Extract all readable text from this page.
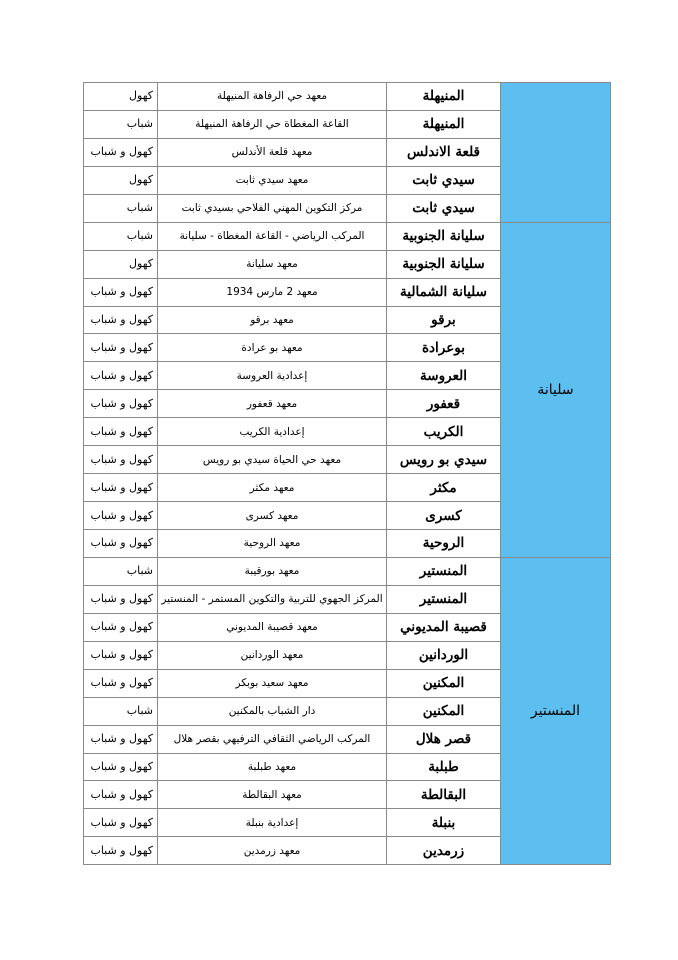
	المنيهلة	معهد حي الرفاهة المنيهلة	كهول
	المنيهلة	القاعة المغطاة حي الرفاهة المنيهلة	شباب
	قلعة الاندلس	معهد قلعة الأندلس	كهول و شباب
	سيدي ثابت	معهد سيدي ثابت	كهول
	سيدي ثابت	مركز التكوين المهني الفلاحي بسيدي ثابت	شباب
سليانة	سليانة الجنوبية	المركب الرياضي - القاعة المغطاة - سليانة	شباب
	سليانة الجنوبية	معهد سليانة	كهول
	سليانة الشمالية	معهد 2 مارس 1934	كهول و شباب
	برقو	معهد برقو	كهول و شباب
	بوعرادة	معهد بو عرادة	كهول و شباب
	العروسة	إعدادية العروسة	كهول و شباب
	قعفور	معهد قعفور	كهول و شباب
	الكريب	إعدادية الكريب	كهول و شباب
	سيدي بو رويس	معهد حي الحياة سيدي بو رويس	كهول و شباب
	مكثر	معهد مكثر	كهول و شباب
	كسرى	معهد كسرى	كهول و شباب
	الروحية	معهد الروحية	كهول و شباب
المنستير	المنستير	معهد بورقيبة	شباب
	المنستير	المركز الجهوي للتربية والتكوين المستمر - المنستير	كهول و شباب
	قصيبة المديوني	معهد قصيبة المديوني	كهول و شباب
	الوردانين	معهد الوردانين	كهول و شباب
	المكنين	معهد سعيد بوبكر	كهول و شباب
	المكنين	دار الشباب بالمكنين	شباب
	قصر هلال	المركب الرياضي الثقافي الترفيهي بقصر هلال	كهول و شباب
	طبلبة	معهد طبلبة	كهول و شباب
	البقالطة	معهد البقالطة	كهول و شباب
	بنبلة	إعدادية بنبلة	كهول و شباب
	زرمدين	معهد زرمدين	كهول و شباب
